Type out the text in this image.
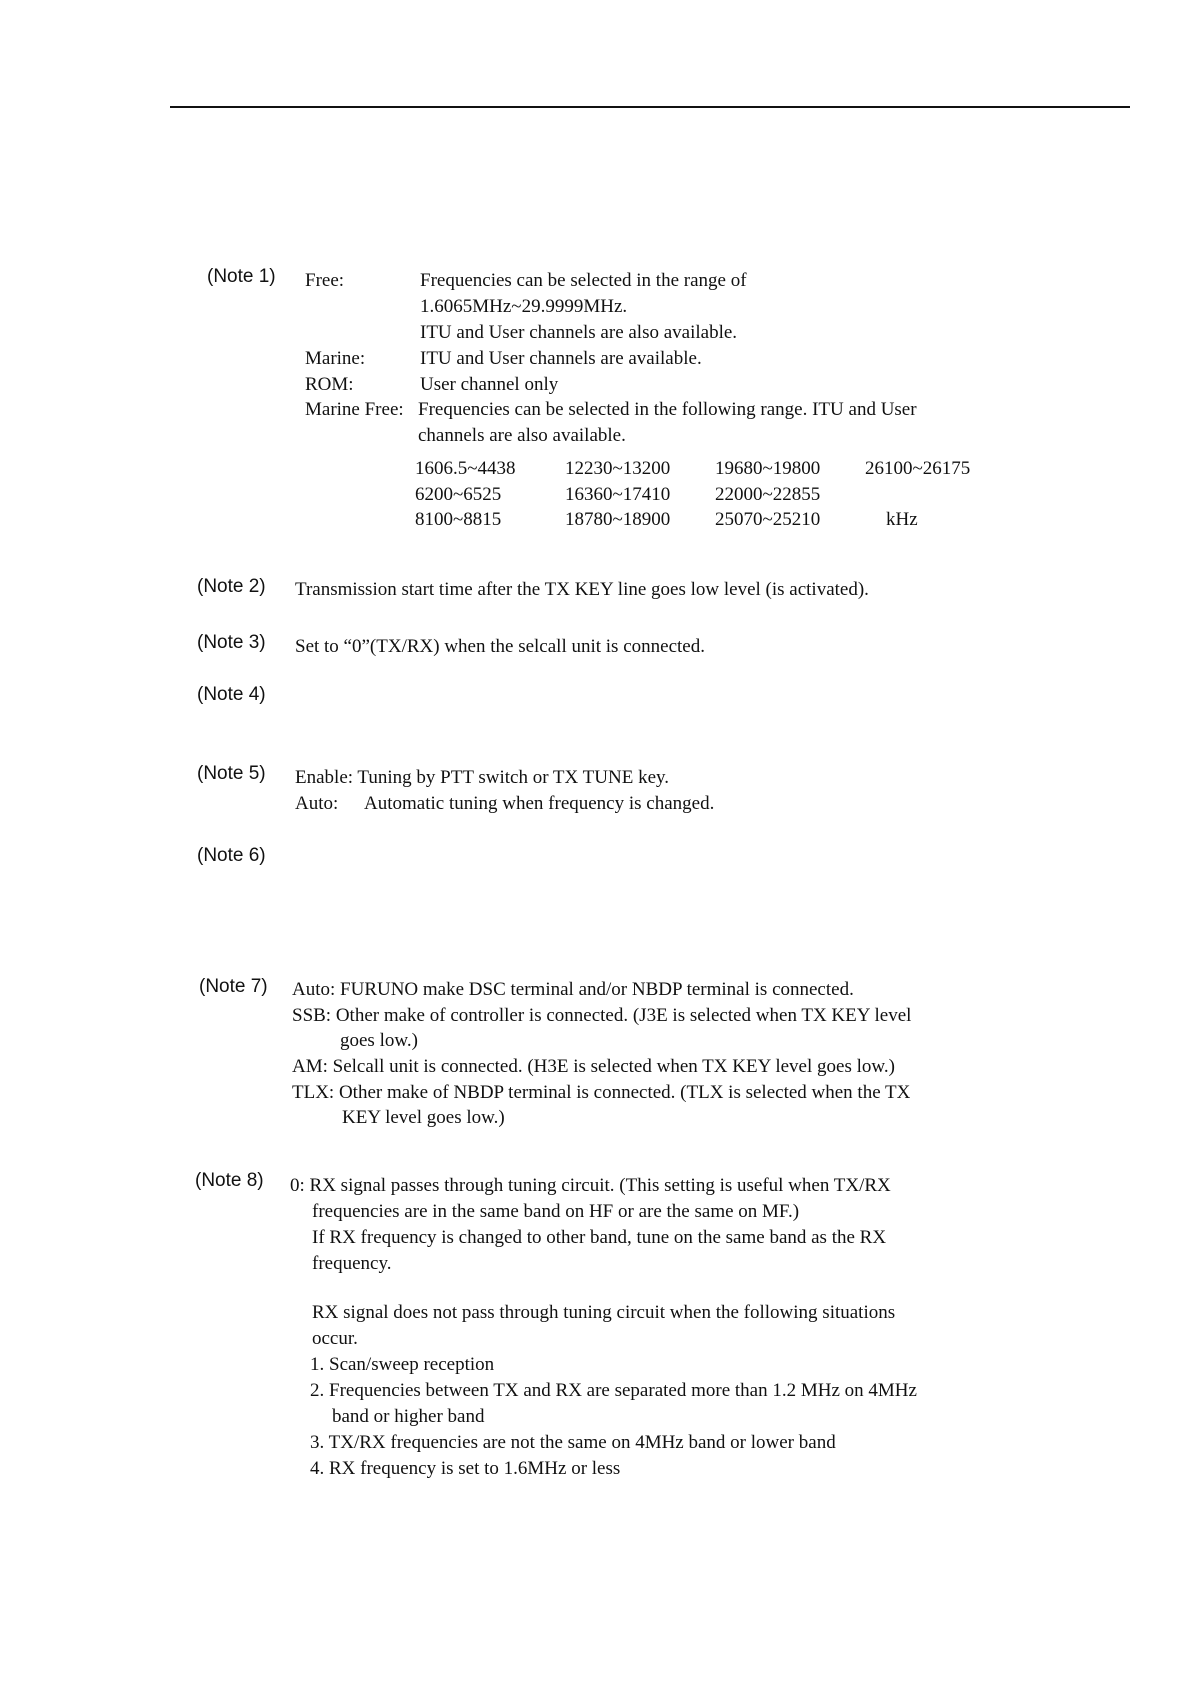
(Note 1) Free:	Frequencies can be selected in the range of
1.6065MHz~29.9999MHz.
ITU and User channels are also available.
Marine:	ITU and User channels are available.
ROM:	User channel only
Marine Free: Frequencies can be selected in the following range. ITU and User
channels are also available.
1606.5~4438	12230~13200 19680~19800 26100~26175
6200~6525	16360~17410 22000~22855
8100~8815	18780~18900 25070~25210	kHz
(Note 2) Transmission start time after the TX KEY line goes low level (is activated).
(Note 3) Set to “0”(TX/RX) when the selcall unit is connected.
(Note 4)
(Note 5) Enable: Tuning by PTT switch or TX TUNE key.
Auto: Automatic tuning when frequency is changed.
(Note 6)
(Note 7) Auto: FURUNO make DSC terminal and/or NBDP terminal is connected.
SSB: Other make of controller is connected. (J3E is selected when TX KEY level
goes low.)
AM: Selcall unit is connected. (H3E is selected when TX KEY level goes low.)
TLX: Other make of NBDP terminal is connected. (TLX is selected when the TX
KEY level goes low.)
(Note 8) 0: RX signal passes through tuning circuit. (This setting is useful when TX/RX
frequencies are in the same band on HF or are the same on MF.)
If RX frequency is changed to other band, tune on the same band as the RX
frequency.
RX signal does not pass through tuning circuit when the following situations
occur.
1. Scan/sweep reception
2. Frequencies between TX and RX are separated more than 1.2 MHz on 4MHz
band or higher band
3. TX/RX frequencies are not the same on 4MHz band or lower band
4. RX frequency is set to 1.6MHz or less
